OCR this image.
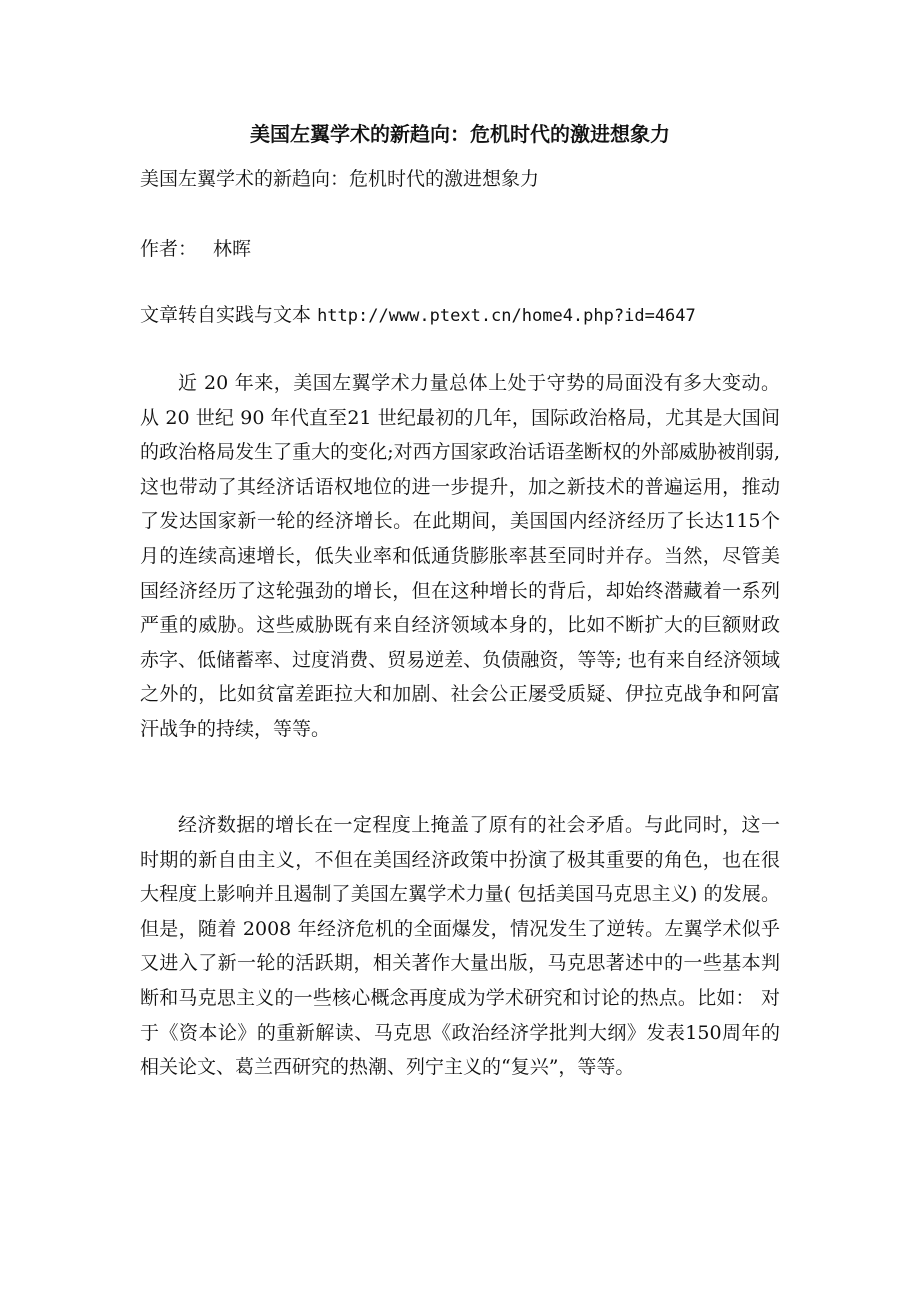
美国左翼学术的新趋向：危机时代的激进想象力

美国左翼学术的新趋向：危机时代的激进想象力

作者： 林晖

文章转自实践与文本 http://www.ptext.cn/home4.php?id=4647

近 20 年来，美国左翼学术力量总体上处于守势的局面没有多大变动。从 20 世纪 90 年代直至21 世纪最初的几年，国际政治格局，尤其是大国间的政治格局发生了重大的变化;对西方国家政治话语垄断权的外部威胁被削弱,这也带动了其经济话语权地位的进一步提升，加之新技术的普遍运用，推动了发达国家新一轮的经济增长。在此期间，美国国内经济经历了长达115个月的连续高速增长，低失业率和低通货膨胀率甚至同时并存。当然，尽管美国经济经历了这轮强劲的增长，但在这种增长的背后，却始终潜藏着一系列严重的威胁。这些威胁既有来自经济领域本身的，比如不断扩大的巨额财政赤字、低储蓄率、过度消费、贸易逆差、负债融资，等等; 也有来自经济领域之外的，比如贫富差距拉大和加剧、社会公正屡受质疑、伊拉克战争和阿富汗战争的持续，等等。

经济数据的增长在一定程度上掩盖了原有的社会矛盾。与此同时，这一时期的新自由主义，不但在美国经济政策中扮演了极其重要的角色，也在很大程度上影响并且遏制了美国左翼学术力量( 包括美国马克思主义) 的发展。但是，随着 2008 年经济危机的全面爆发，情况发生了逆转。左翼学术似乎又进入了新一轮的活跃期，相关著作大量出版，马克思著述中的一些基本判断和马克思主义的一些核心概念再度成为学术研究和讨论的热点。比如： 对于《资本论》的重新解读、马克思《政治经济学批判大纲》发表150周年的相关论文、葛兰西研究的热潮、列宁主义的“复兴”，等等。
